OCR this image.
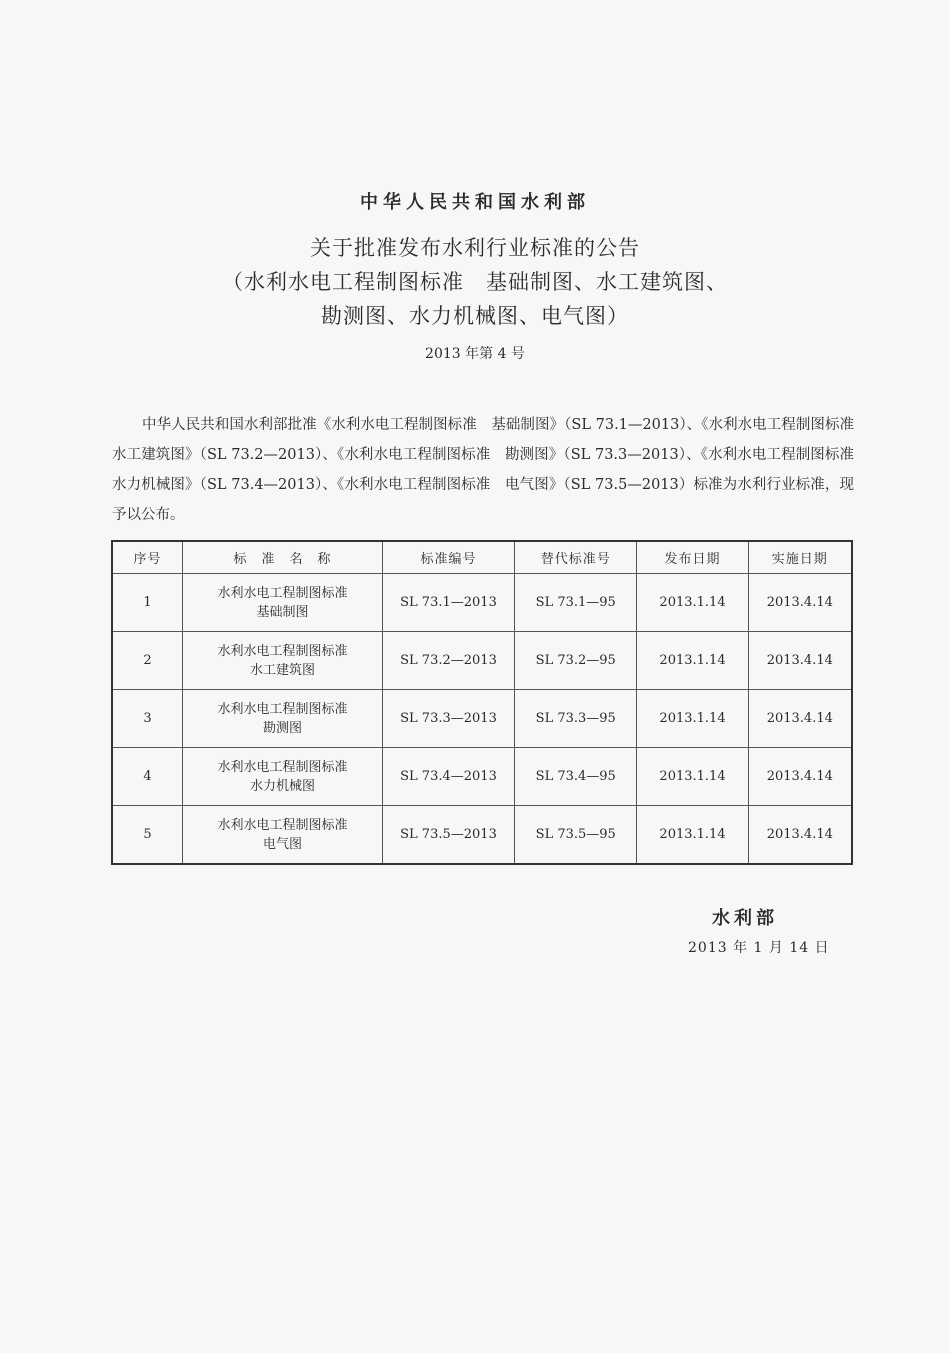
中华人民共和国水利部
关于批准发布水利行业标准的公告
（水利水电工程制图标准　基础制图、水工建筑图、
勘测图、水力机械图、电气图）
2013 年第 4 号
中华人民共和国水利部批准《水利水电工程制图标准　基础制图》（SL 73.1—2013）、《水利水电工程制图标准　水工建筑图》（SL 73.2—2013）、《水利水电工程制图标准　勘测图》（SL 73.3—2013）、《水利水电工程制图标准　水力机械图》（SL 73.4—2013）、《水利水电工程制图标准　电气图》（SL 73.5—2013）标准为水利行业标准，现予以公布。
序号	标　准　名　称	标准编号	替代标准号	发布日期	实施日期
1	水利水电工程制图标准
基础制图	SL 73.1—2013	SL 73.1—95	2013.1.14	2013.4.14
2	水利水电工程制图标准
水工建筑图	SL 73.2—2013	SL 73.2—95	2013.1.14	2013.4.14
3	水利水电工程制图标准
勘测图	SL 73.3—2013	SL 73.3—95	2013.1.14	2013.4.14
4	水利水电工程制图标准
水力机械图	SL 73.4—2013	SL 73.4—95	2013.1.14	2013.4.14
5	水利水电工程制图标准
电气图	SL 73.5—2013	SL 73.5—95	2013.1.14	2013.4.14
水利部
2013 年 1 月 14 日
